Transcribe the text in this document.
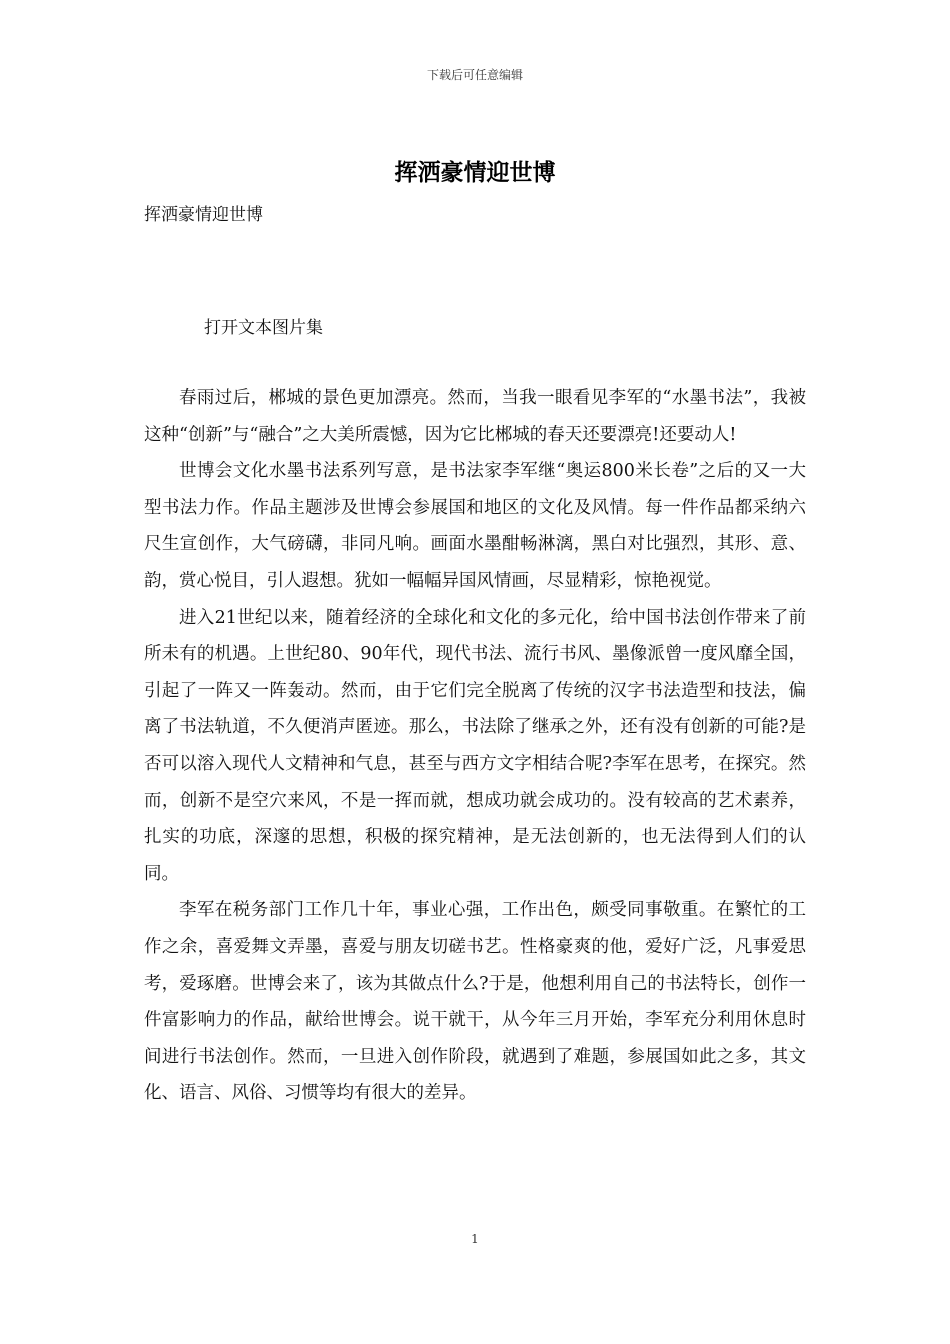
下载后可任意编辑
挥洒豪情迎世博
挥洒豪情迎世博
打开文本图片集

春雨过后，郴城的景色更加漂亮。然而，当我一眼看见李军的“水墨书法”，我被这种“创新”与“融合”之大美所震憾，因为它比郴城的春天还要漂亮!还要动人!

世博会文化水墨书法系列写意，是书法家李军继“奥运800米长卷”之后的又一大型书法力作。作品主题涉及世博会参展国和地区的文化及风情。每一件作品都采纳六尺生宣创作，大气磅礴，非同凡响。画面水墨酣畅淋漓，黑白对比强烈，其形、意、韵，赏心悦目，引人遐想。犹如一幅幅异国风情画，尽显精彩，惊艳视觉。

进入21世纪以来，随着经济的全球化和文化的多元化，给中国书法创作带来了前所未有的机遇。上世纪80、90年代，现代书法、流行书风、墨像派曾一度风靡全国，引起了一阵又一阵轰动。然而，由于它们完全脱离了传统的汉字书法造型和技法，偏离了书法轨道，不久便消声匿迹。那么，书法除了继承之外，还有没有创新的可能?是否可以溶入现代人文精神和气息，甚至与西方文字相结合呢?李军在思考，在探究。然而，创新不是空穴来风，不是一挥而就，想成功就会成功的。没有较高的艺术素养，扎实的功底，深邃的思想，积极的探究精神，是无法创新的，也无法得到人们的认同。

李军在税务部门工作几十年，事业心强，工作出色，颇受同事敬重。在繁忙的工作之余，喜爱舞文弄墨，喜爱与朋友切磋书艺。性格豪爽的他，爱好广泛，凡事爱思考，爱琢磨。世博会来了，该为其做点什么?于是，他想利用自己的书法特长，创作一件富影响力的作品，献给世博会。说干就干，从今年三月开始，李军充分利用休息时间进行书法创作。然而，一旦进入创作阶段，就遇到了难题，参展国如此之多，其文化、语言、风俗、习惯等均有很大的差异。

1
